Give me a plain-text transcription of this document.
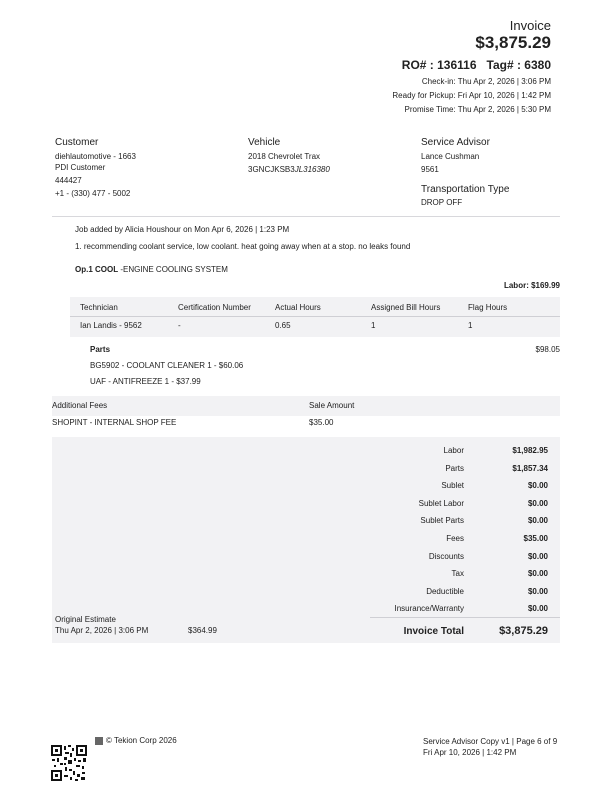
Invoice
$3,875.29
RO# : 136116 Tag# : 6380
Check-in: Thu Apr 2, 2026 | 3:06 PM
Ready for Pickup: Fri Apr 10, 2026 | 1:42 PM
Promise Time: Thu Apr 2, 2026 | 5:30 PM
Customer
diehlautomotive - 1663
PDI Customer
444427
+1 - (330) 477 - 5002
Vehicle
2018 Chevrolet Trax
3GNCJKSB3JL316380
Service Advisor
Lance Cushman
9561
Transportation Type
DROP OFF
Job added by Alicia Houshour on Mon Apr 6, 2026 | 1:23 PM
1. recommending coolant service, low coolant. heat going away when at a stop. no leaks found
Op.1 COOL -ENGINE COOLING SYSTEM
Labor: $169.99
Technician	Certification Number	Actual Hours	Assigned Bill Hours	Flag Hours
Ian Landis - 9562	-	0.65	1	1
Parts	$98.05
BG5902 - COOLANT CLEANER 1 - $60.06
UAF - ANTIFREEZE 1 - $37.99
Additional Fees	Sale Amount
SHOPINT - INTERNAL SHOP FEE	$35.00
Labor	$1,982.95
Parts	$1,857.34
Sublet	$0.00
Sublet Labor	$0.00
Sublet Parts	$0.00
Fees	$35.00
Discounts	$0.00
Tax	$0.00
Deductible	$0.00
Insurance/Warranty	$0.00
Invoice Total	$3,875.29
Original Estimate
Thu Apr 2, 2026 | 3:06 PM	$364.99
© Tekion Corp 2026	Service Advisor Copy v1 | Page 6 of 9
Fri Apr 10, 2026 | 1:42 PM
